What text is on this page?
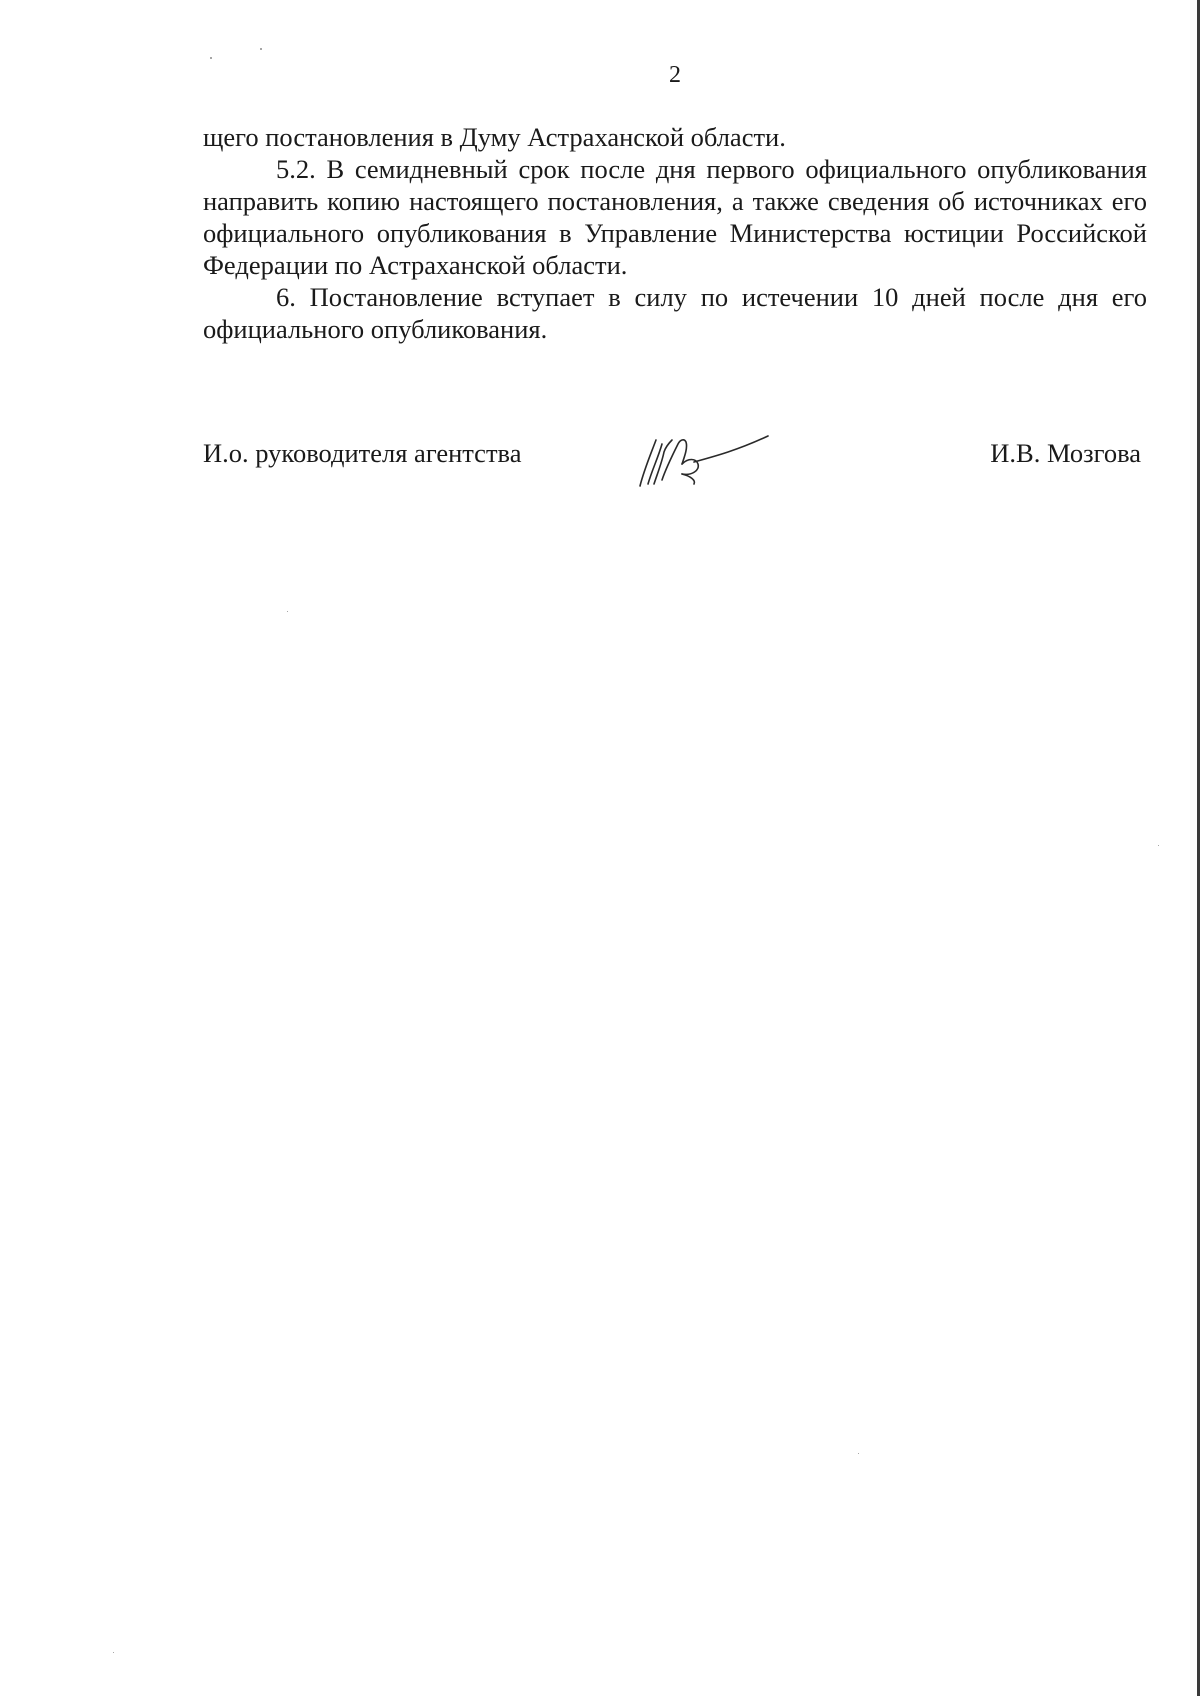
2

щего постановления в Думу Астраханской области.

5.2. В семидневный срок после дня первого официального опубликования направить копию настоящего постановления, а также сведения об источниках его официального опубликования в Управление Министерства юстиции Российской Федерации по Астраханской области.

6. Постановление вступает в силу по истечении 10 дней после дня его официального опубликования.

И.о. руководителя агентства	И.В. Мозгова
